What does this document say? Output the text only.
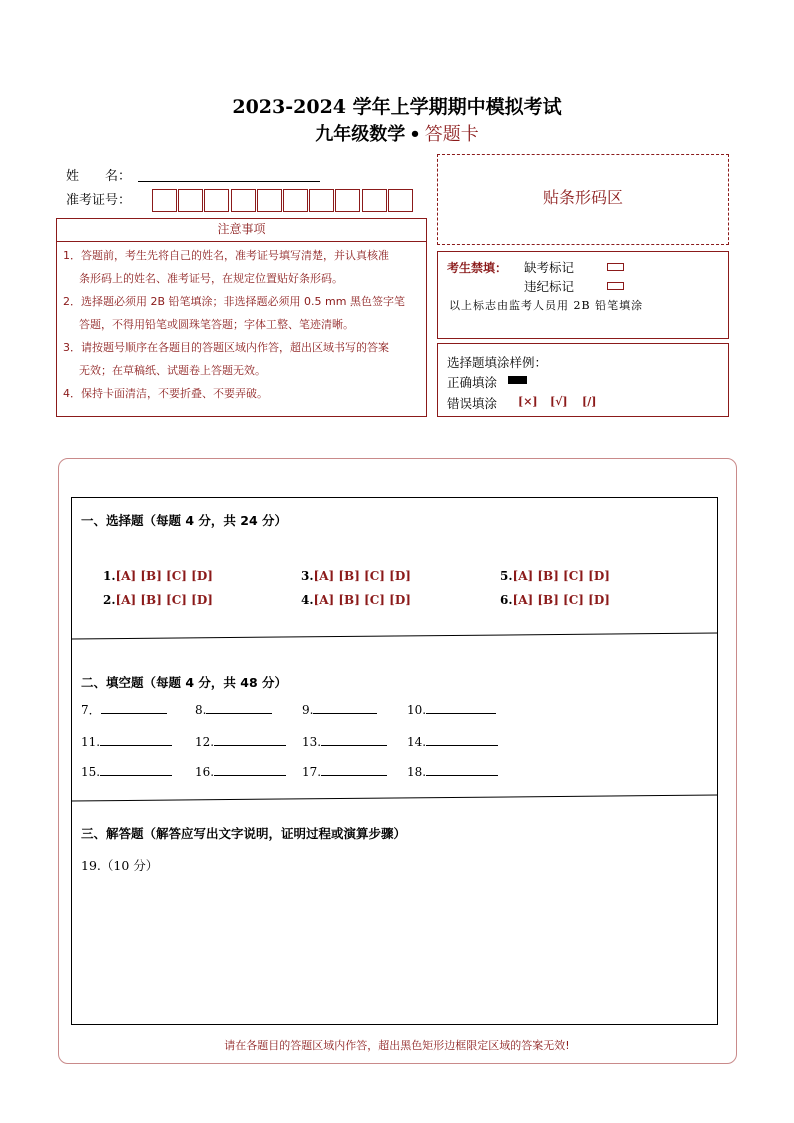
2023-2024 学年上学期期中模拟考试
九年级数学 • 答题卡
姓　　名：
准考证号：
注意事项
1．答题前，考生先将自己的姓名，准考证号填写清楚，并认真核准
条形码上的姓名、准考证号，在规定位置贴好条形码。
2．选择题必须用 2B 铅笔填涂；非选择题必须用 0.5 mm 黑色签字笔
答题，不得用铅笔或圆珠笔答题；字体工整、笔迹清晰。
3．请按题号顺序在各题目的答题区域内作答，超出区域书写的答案
无效；在草稿纸、试题卷上答题无效。
4．保持卡面清洁，不要折叠、不要弄破。
贴条形码区
考生禁填： 缺考标记
违纪标记
以上标志由监考人员用 2B 铅笔填涂
选择题填涂样例：
正确填涂
错误填涂 [×] [√] [/]
一、选择题（每题 4 分，共 24 分）
1.[A] [B] [C] [D]
2.[A] [B] [C] [D]
3.[A] [B] [C] [D]
4.[A] [B] [C] [D]
5.[A] [B] [C] [D]
6.[A] [B] [C] [D]
二、填空题（每题 4 分，共 48 分）
7．	8.	9.	10.
11.	12.	13.	14.
15.	16.	17.	18.
三、解答题（解答应写出文字说明，证明过程或演算步骤）
19.（10 分）
请在各题目的答题区域内作答，超出黑色矩形边框限定区域的答案无效!
